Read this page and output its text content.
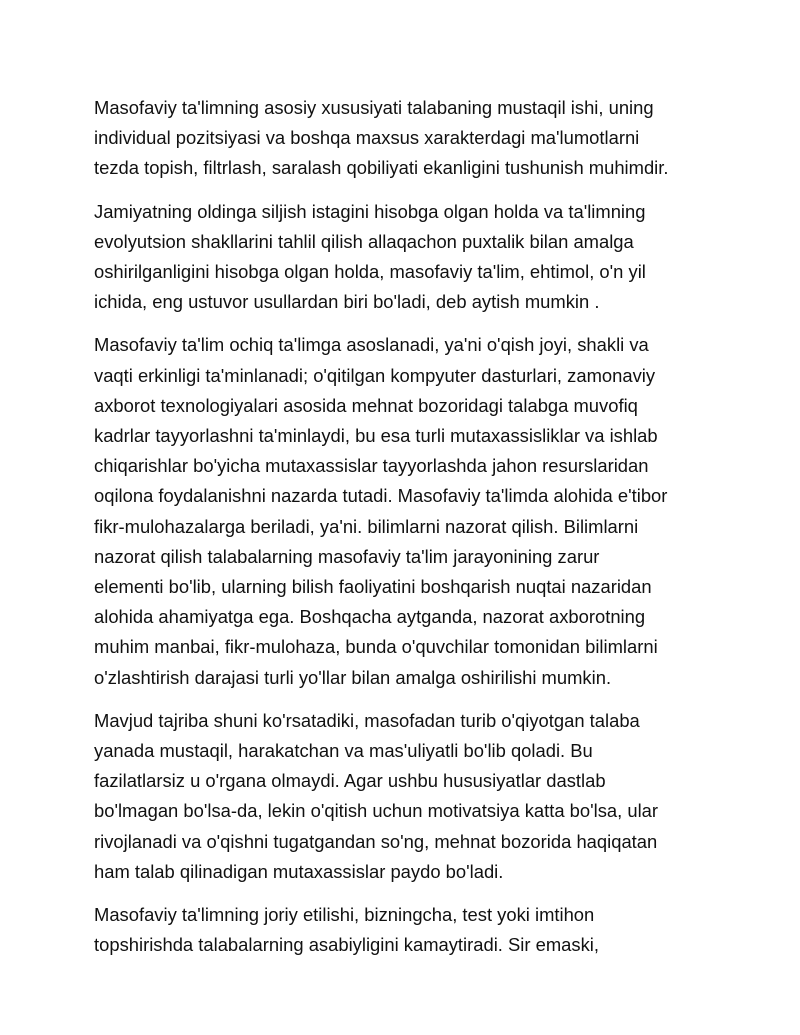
Masofaviy ta'limning asosiy xususiyati talabaning mustaqil ishi, uning
individual pozitsiyasi va boshqa maxsus xarakterdagi ma'lumotlarni
tezda topish, filtrlash, saralash qobiliyati ekanligini tushunish muhimdir.

Jamiyatning oldinga siljish istagini hisobga olgan holda va ta'limning
evolyutsion shakllarini tahlil qilish allaqachon puxtalik bilan amalga
oshirilganligini hisobga olgan holda, masofaviy ta'lim, ehtimol, o'n yil
ichida, eng ustuvor usullardan biri bo'ladi, deb aytish mumkin .

Masofaviy ta'lim ochiq ta'limga asoslanadi, ya'ni o'qish joyi, shakli va
vaqti erkinligi ta'minlanadi; o'qitilgan kompyuter dasturlari, zamonaviy
axborot texnologiyalari asosida mehnat bozoridagi talabga muvofiq
kadrlar tayyorlashni ta'minlaydi, bu esa turli mutaxassisliklar va ishlab
chiqarishlar bo'yicha mutaxassislar tayyorlashda jahon resurslaridan
oqilona foydalanishni nazarda tutadi. Masofaviy ta'limda alohida e'tibor
fikr-mulohazalarga beriladi, ya'ni. bilimlarni nazorat qilish. Bilimlarni
nazorat qilish talabalarning masofaviy ta'lim jarayonining zarur
elementi bo'lib, ularning bilish faoliyatini boshqarish nuqtai nazaridan
alohida ahamiyatga ega. Boshqacha aytganda, nazorat axborotning
muhim manbai, fikr-mulohaza, bunda o'quvchilar tomonidan bilimlarni
o'zlashtirish darajasi turli yo'llar bilan amalga oshirilishi mumkin.

Mavjud tajriba shuni ko'rsatadiki, masofadan turib o'qiyotgan talaba
yanada mustaqil, harakatchan va mas'uliyatli bo'lib qoladi. Bu
fazilatlarsiz u o'rgana olmaydi. Agar ushbu hususiyatlar dastlab
bo'lmagan bo'lsa-da, lekin o'qitish uchun motivatsiya katta bo'lsa, ular
rivojlanadi va o'qishni tugatgandan so'ng, mehnat bozorida haqiqatan
ham talab qilinadigan mutaxassislar paydo bo'ladi.

Masofaviy ta'limning joriy etilishi, bizningcha, test yoki imtihon
topshirishda talabalarning asabiyligini kamaytiradi. Sir emaski,
